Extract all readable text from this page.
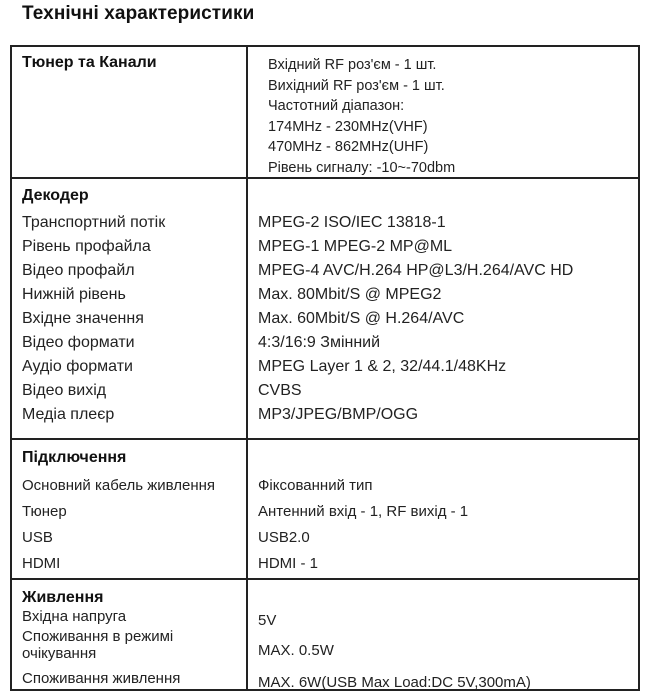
Технічні характеристики
Тюнер та Канали	Вхідний RF роз'єм - 1 шт.
Вихідний RF роз'єм - 1 шт.
Частотний діапазон:
174MHz - 230MHz(VHF)
470MHz - 862MHz(UHF)
Рівень сигналу: -10~-70dbm
Декодер
Транспортний потік
Рівень профайла
Відео профайл
Нижній рівень
Вхідне значення
Відео формати
Аудіо формати
Відео вихід
Медіа плеєр
MPEG-2 ISO/IEC 13818-1
MPEG-1 MPEG-2 MP@ML
MPEG-4 AVC/H.264 HP@L3/H.264/AVC HD
Max. 80Mbit/S @ MPEG2
Max. 60Mbit/S @ H.264/AVC
4:3/16:9 Змінний
MPEG Layer 1 & 2, 32/44.1/48KHz
CVBS
MP3/JPEG/BMP/OGG
Підключення
Основний кабель живлення
Тюнер
USB
HDMI
Фіксованний тип
Антенний вхід - 1, RF вихід - 1
USB2.0
HDMI - 1
Живлення
Вхідна напруга
Споживання в режимі очікування
Споживання живлення
5V
MAX. 0.5W
MAX. 6W(USB Max Load:DC 5V,300mA)
